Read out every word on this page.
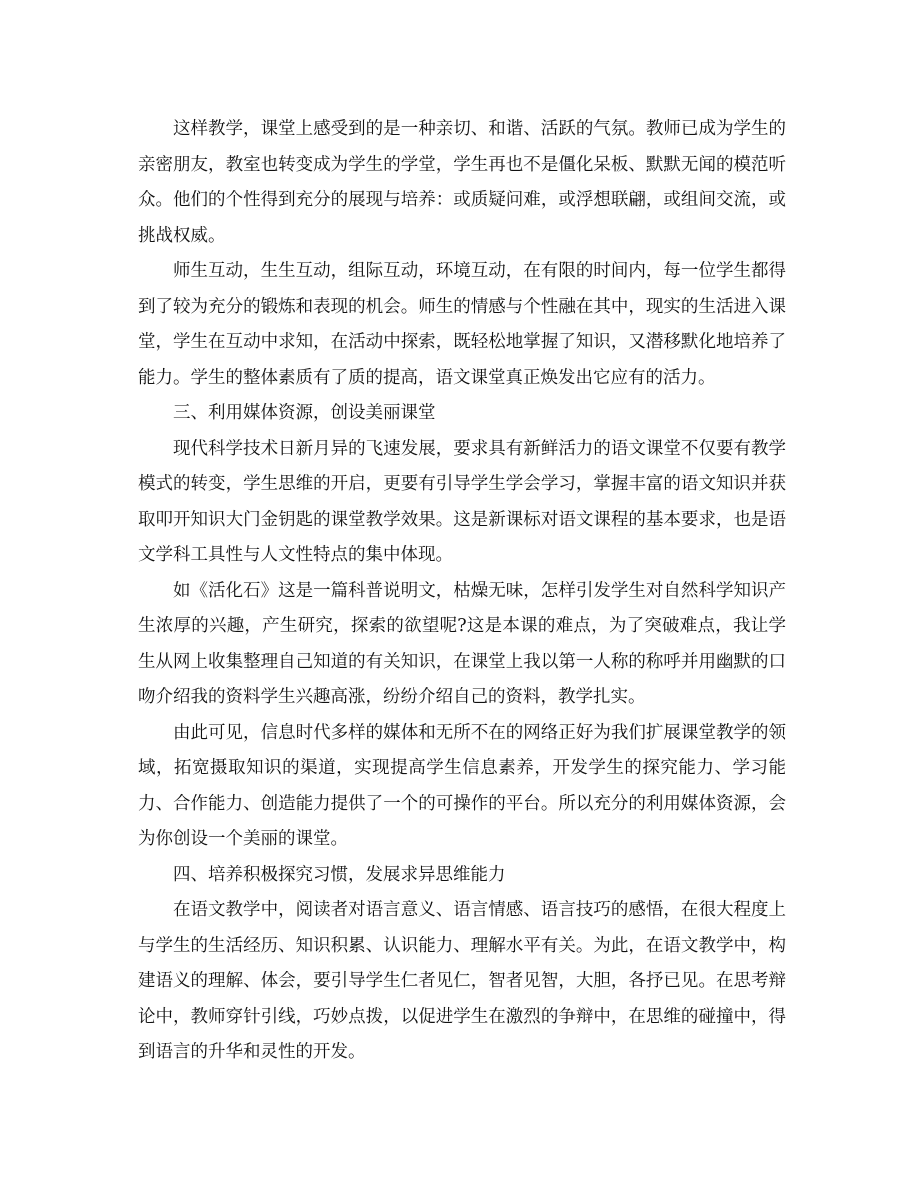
这样教学，课堂上感受到的是一种亲切、和谐、活跃的气氛。教师已成为学生的亲密朋友，教室也转变成为学生的学堂，学生再也不是僵化呆板、默默无闻的模范听众。他们的个性得到充分的展现与培养：或质疑问难，或浮想联翩，或组间交流，或挑战权威。

师生互动，生生互动，组际互动，环境互动，在有限的时间内，每一位学生都得到了较为充分的锻炼和表现的机会。师生的情感与个性融在其中，现实的生活进入课堂，学生在互动中求知，在活动中探索，既轻松地掌握了知识，又潜移默化地培养了能力。学生的整体素质有了质的提高，语文课堂真正焕发出它应有的活力。

三、利用媒体资源，创设美丽课堂

现代科学技术日新月异的飞速发展，要求具有新鲜活力的语文课堂不仅要有教学模式的转变，学生思维的开启，更要有引导学生学会学习，掌握丰富的语文知识并获取叩开知识大门金钥匙的课堂教学效果。这是新课标对语文课程的基本要求，也是语文学科工具性与人文性特点的集中体现。

如《活化石》这是一篇科普说明文，枯燥无味，怎样引发学生对自然科学知识产生浓厚的兴趣，产生研究，探索的欲望呢?这是本课的难点，为了突破难点，我让学生从网上收集整理自己知道的有关知识，在课堂上我以第一人称的称呼并用幽默的口吻介绍我的资料学生兴趣高涨，纷纷介绍自己的资料，教学扎实。

由此可见，信息时代多样的媒体和无所不在的网络正好为我们扩展课堂教学的领域，拓宽摄取知识的渠道，实现提高学生信息素养，开发学生的探究能力、学习能力、合作能力、创造能力提供了一个的可操作的平台。所以充分的利用媒体资源，会为你创设一个美丽的课堂。

四、培养积极探究习惯，发展求异思维能力

在语文教学中，阅读者对语言意义、语言情感、语言技巧的感悟，在很大程度上与学生的生活经历、知识积累、认识能力、理解水平有关。为此，在语文教学中，构建语义的理解、体会，要引导学生仁者见仁，智者见智，大胆，各抒已见。在思考辩论中，教师穿针引线，巧妙点拨，以促进学生在激烈的争辩中，在思维的碰撞中，得到语言的升华和灵性的开发。
